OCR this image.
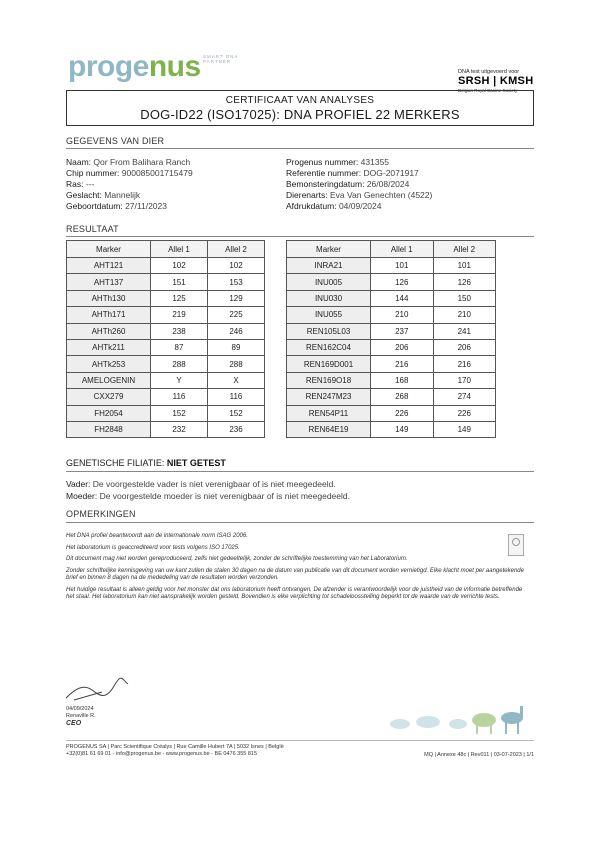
progenus SMART DNA PARTNER
DNA test uitgevoerd voor
SRSH | KMSH
Belgian Royal Canine Society
CERTIFICAAT VAN ANALYSES
DOG-ID22 (ISO17025): DNA PROFIEL 22 MERKERS
GEGEVENS VAN DIER
Naam: Qor From Balihara Ranch
Chip nummer: 900085001715479
Ras: ---
Geslacht: Mannelijk
Geboortdatum: 27/11/2023
Progenus nummer: 431355
Referentie nummer: DOG-2071917
Bemonsteringdatum: 26/08/2024
Dierenarts: Eva Van Genechten (4522)
Afdrukdatum: 04/09/2024
RESULTAAT
Marker	Allel 1	Allel 2
AHT121	102	102
AHT137	151	153
AHTh130	125	129
AHTh171	219	225
AHTh260	238	246
AHTk211	87	89
AHTk253	288	288
AMELOGENIN	Y	X
CXX279	116	116
FH2054	152	152
FH2848	232	236
Marker	Allel 1	Allel 2
INRA21	101	101
INU005	126	126
INU030	144	150
INU055	210	210
REN105L03	237	241
REN162C04	206	206
REN169D001	216	216
REN169O18	168	170
REN247M23	268	274
REN54P11	226	226
REN64E19	149	149
GENETISCHE FILIATIE: NIET GETEST
Vader: De voorgestelde vader is niet verenigbaar of is niet meegedeeld.
Moeder: De voorgestelde moeder is niet verenigbaar of is niet meegedeeld.
OPMERKINGEN

Het DNA profiel beantwoordt aan de internationale norm ISAG 2006.

Het laboratorium is geaccrediteerd voor tests volgens ISO 17025.

Dit document mag niet worden gereproduceerd, zelfs niet gedeeltelijk, zonder de schriftelijke toestemming van het Laboratorium.

Zonder schriftelijke kennisgeving van uw kant zullen de stalen 30 dagen na de datum van publicatie van dit document worden vernietigd. Elke klacht moet per aangetekende brief en binnen 8 dagen na de mededeling van de resultaten worden verzonden.

Het huidige resultaat is alleen geldig voor het monster dat ons laboratorium heeft ontvangen. De afzender is verantwoordelijk voor de juistheid van de informatie betreffende het staal. Het laboratorium kan niet aansprakelijk worden gesteld. Bovendien is elke verplichting tot schadeloosstelling beperkt tot de waarde van de verrichte tests.

04/09/2024
Renaville R.
CEO
PROGENUS SA | Parc Scientifique Créalys | Rue Camille Hubert 7A | 5032 Isnes | Belgïë
+32(0)81 61 69 01 - info@progenus.be - www.progenus.be - BE 0476 355 815	MQ | Annexe 48c | Rev011 | 03-07-2023 | 1/1
